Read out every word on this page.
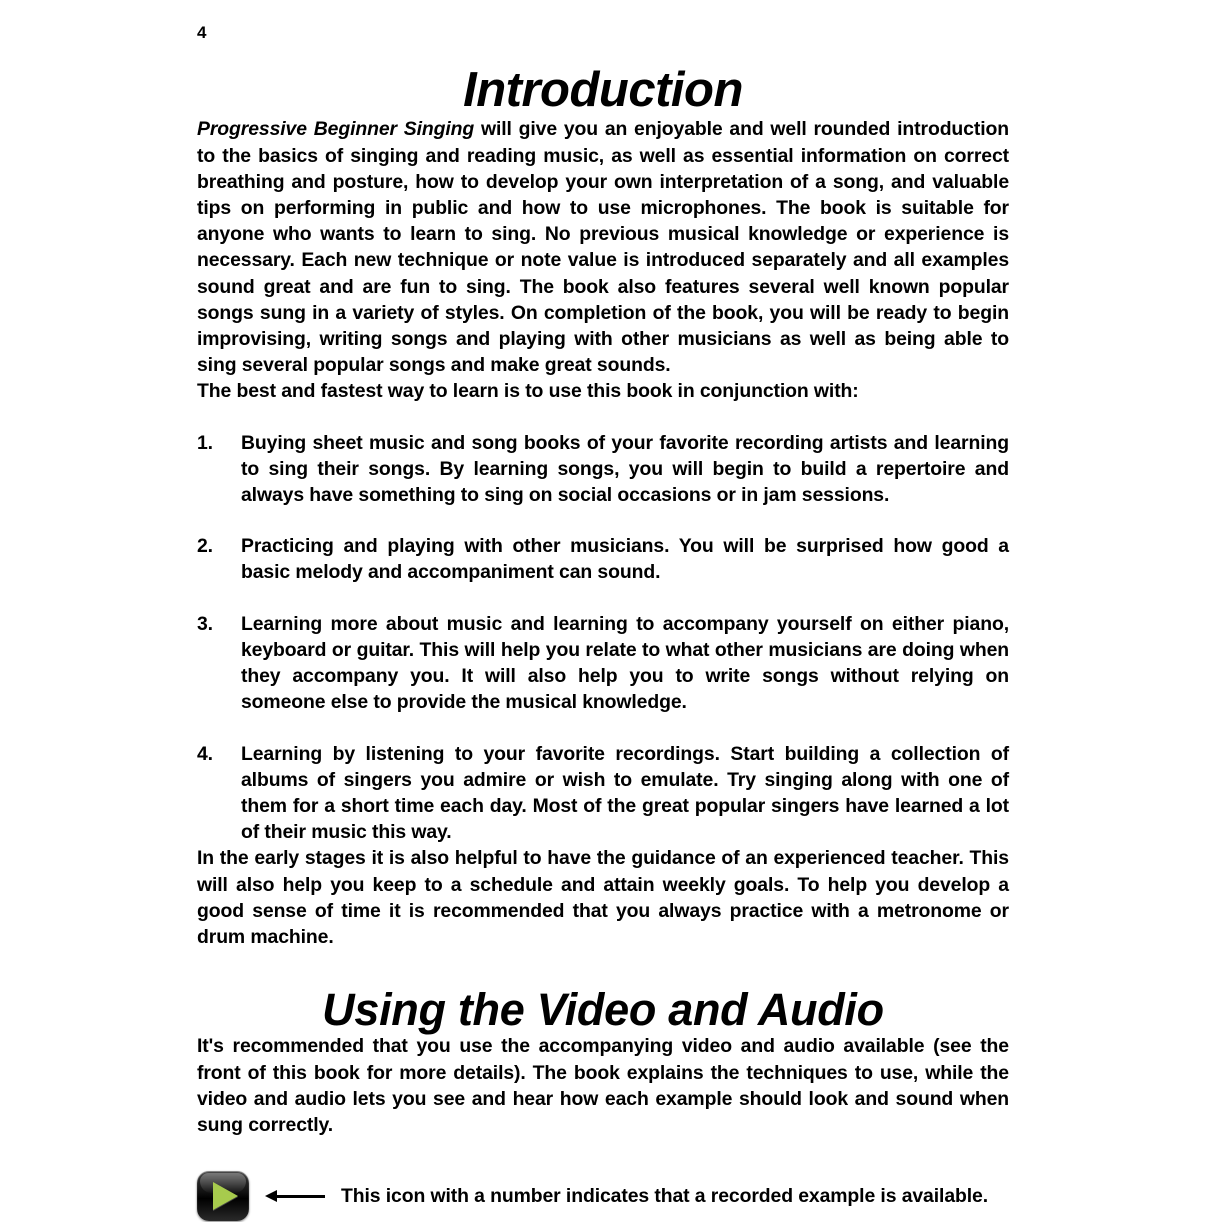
4
Introduction

Progressive Beginner Singing will give you an enjoyable and well rounded introduction to the basics of singing and reading music, as well as essential information on correct breathing and posture, how to develop your own interpretation of a song, and valuable tips on performing in public and how to use microphones. The book is suitable for anyone who wants to learn to sing. No previous musical knowledge or experience is necessary. Each new technique or note value is introduced separately and all examples sound great and are fun to sing. The book also features several well known popular songs sung in a variety of styles. On completion of the book, you will be ready to begin improvising, writing songs and playing with other musicians as well as being able to sing several popular songs and make great sounds.

The best and fastest way to learn is to use this book in conjunction with:

1. Buying sheet music and song books of your favorite recording artists and learning to sing their songs. By learning songs, you will begin to build a repertoire and always have something to sing on social occasions or in jam sessions.
2. Practicing and playing with other musicians. You will be surprised how good a basic melody and accompaniment can sound.
3. Learning more about music and learning to accompany yourself on either piano, keyboard or guitar. This will help you relate to what other musicians are doing when they accompany you. It will also help you to write songs without relying on someone else to provide the musical knowledge.
4. Learning by listening to your favorite recordings. Start building a collection of albums of singers you admire or wish to emulate. Try singing along with one of them for a short time each day. Most of the great popular singers have learned a lot of their music this way.

In the early stages it is also helpful to have the guidance of an experienced teacher. This will also help you keep to a schedule and attain weekly goals. To help you develop a good sense of time it is recommended that you always practice with a metronome or drum machine.

Using the Video and Audio

It's recommended that you use the accompanying video and audio available (see the front of this book for more details). The book explains the techniques to use, while the video and audio lets you see and hear how each example should look and sound when sung correctly.

This icon with a number indicates that a recorded example is available.
